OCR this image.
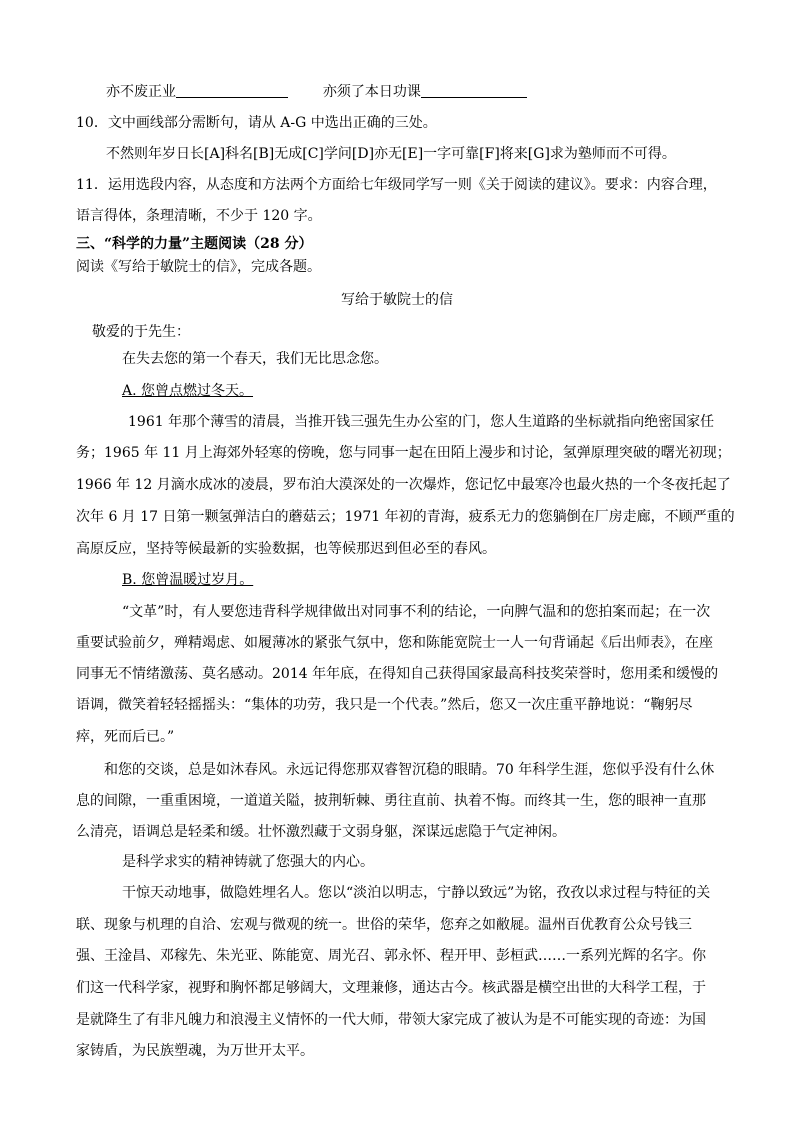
亦不废正业	亦须了本日功课
10．文中画线部分需断句，请从 A-G 中选出正确的三处。
不然则年岁日长[A]科名[B]无成[C]学问[D]亦无[E]一字可靠[F]将来[G]求为塾师而不可得。
11．运用选段内容，从态度和方法两个方面给七年级同学写一则《关于阅读的建议》。要求：内容合理，
语言得体，条理清晰，不少于 120 字。
三、“科学的力量”主题阅读（28 分）
阅读《写给于敏院士的信》，完成各题。
写给于敏院士的信
敬爱的于先生：
在失去您的第一个春天，我们无比思念您。
A. 您曾点燃过冬天。
1961 年那个薄雪的清晨，当推开钱三强先生办公室的门，您人生道路的坐标就指向绝密国家任
务；1965 年 11 月上海郊外轻寒的傍晚，您与同事一起在田陌上漫步和讨论，氢弹原理突破的曙光初现；
1966 年 12 月滴水成冰的凌晨，罗布泊大漠深处的一次爆炸，您记忆中最寒冷也最火热的一个冬夜托起了
次年 6 月 17 日第一颗氢弹洁白的蘑菇云；1971 年初的青海，疲系无力的您躺倒在厂房走廊，不顾严重的
高原反应，坚持等候最新的实验数据，也等候那迟到但必至的春风。
B. 您曾温暖过岁月。
“文革”时，有人要您违背科学规律做出对同事不利的结论，一向脾气温和的您拍案而起；在一次
重要试验前夕，殚精竭虑、如履薄冰的紧张气氛中，您和陈能宽院士一人一句背诵起《后出师表》，在座
同事无不情绪激荡、莫名感动。2014 年年底，在得知自己获得国家最高科技奖荣誉时，您用柔和缓慢的
语调，微笑着轻轻摇摇头：“集体的功劳，我只是一个代表。”然后，您又一次庄重平静地说：“鞠躬尽
瘁，死而后已。”
和您的交谈，总是如沐春风。永远记得您那双睿智沉稳的眼睛。70 年科学生涯，您似乎没有什么休
息的间隙，一重重困境，一道道关隘，披荆斩棘、勇往直前、执着不悔。而终其一生，您的眼神一直那
么清亮，语调总是轻柔和缓。壮怀激烈藏于文弱身躯，深谋远虑隐于气定神闲。
是科学求实的精神铸就了您强大的内心。
干惊天动地事，做隐姓埋名人。您以“淡泊以明志，宁静以致远”为铭，孜孜以求过程与特征的关
联、现象与机理的自洽、宏观与微观的统一。世俗的荣华，您弃之如敝屣。温州百优教育公众号钱三
强、王淦昌、邓稼先、朱光亚、陈能宽、周光召、郭永怀、程开甲、彭桓武……一系列光辉的名字。你
们这一代科学家，视野和胸怀都足够阔大，文理兼修，通达古今。核武器是横空出世的大科学工程，于
是就降生了有非凡魄力和浪漫主义情怀的一代大师，带领大家完成了被认为是不可能实现的奇迹：为国
家铸盾，为民族塑魂，为万世开太平。
